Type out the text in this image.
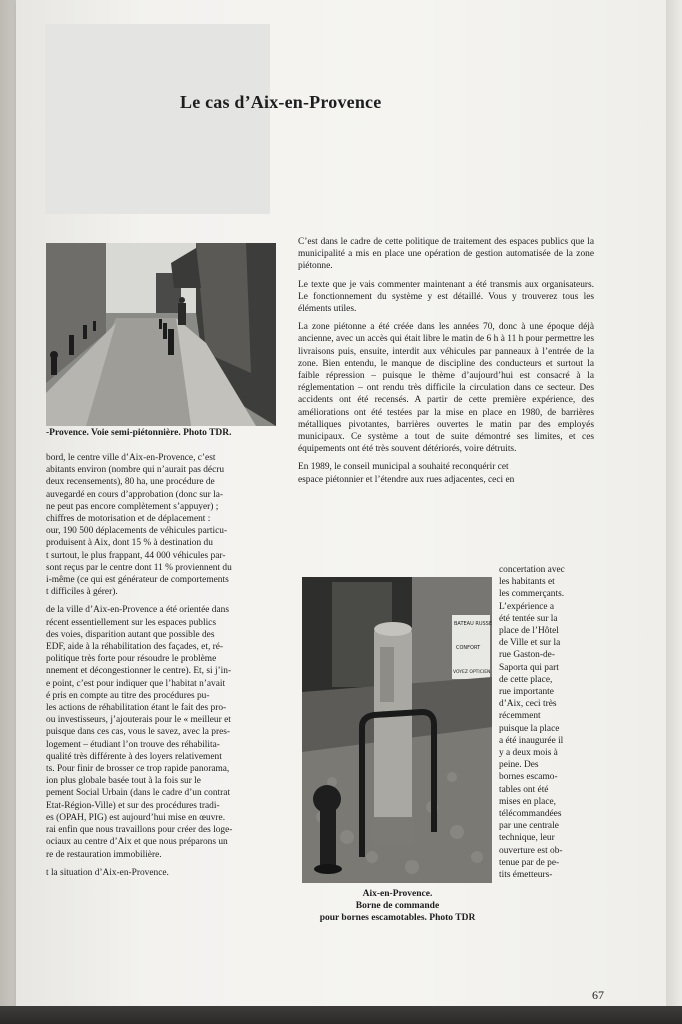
Le cas d’Aix-en-Provence
-Provence. Voie semi-piétonnière. Photo TDR.
bord, le centre ville d’Aix-en-Provence, c’est
abitants environ (nombre qui n’aurait pas décru
deux recensements), 80 ha, une procédure de
auvegardé en cours d’approbation (donc sur la-
ne peut pas encore complètement s’appuyer) ;
chiffres de motorisation et de déplacement :
our, 190 500 déplacements de véhicules particu-
produisent à Aix, dont 15 % à destination du
t surtout, le plus frappant, 44 000 véhicules par-
sont reçus par le centre dont 11 % proviennent du
i-même (ce qui est générateur de comportements
t difficiles à gérer).

de la ville d’Aix-en-Provence a été orientée dans
récent essentiellement sur les espaces publics
des voies, disparition autant que possible des
EDF, aide à la réhabilitation des façades, et, ré-
politique très forte pour résoudre le problème
nnement et décongestionner le centre). Et, si j’in-
e point, c’est pour indiquer que l’habitat n’avait
é pris en compte au titre des procédures pu-
les actions de réhabilitation étant le fait des pro-
ou investisseurs, j’ajouterais pour le « meilleur et
puisque dans ces cas, vous le savez, avec la pres-
logement – étudiant l’on trouve des réhabilita-
qualité très différente à des loyers relativement
ts. Pour finir de brosser ce trop rapide panorama,
ion plus globale basée tout à la fois sur le
pement Social Urbain (dans le cadre d’un contrat
Etat-Région-Ville) et sur des procédures tradi-
es (OPAH, PIG) est aujourd’hui mise en œuvre.
rai enfin que nous travaillons pour créer des loge-
ociaux au centre d’Aix et que nous préparons un
re de restauration immobilière.

t la situation d’Aix-en-Provence.

C’est dans le cadre de cette politique de traitement des espaces publics que la municipalité a mis en place une opération de gestion automatisée de la zone piétonne.

Le texte que je vais commenter maintenant a été transmis aux organisateurs. Le fonctionnement du système y est détaillé. Vous y trouverez tous les éléments utiles.

La zone piétonne a été créée dans les années 70, donc à une époque déjà ancienne, avec un accès qui était libre le matin de 6 h à 11 h pour permettre les livraisons puis, ensuite, interdit aux véhicules par panneaux à l’entrée de la zone. Bien entendu, le manque de discipline des conducteurs et surtout la faible répression – puisque le thème d’aujourd’hui est consacré à la réglementation – ont rendu très difficile la circulation dans ce secteur. Des accidents ont été recensés. A partir de cette première expérience, des améliorations ont été testées par la mise en place en 1980, de barrières métalliques pivotantes, barrières ouvertes le matin par des employés municipaux. Ce système a tout de suite démontré ses limites, et ces équipements ont été très souvent détériorés, voire détruits.

En 1989, le conseil municipal a souhaité reconquérir cet
espace piétonnier et l’étendre aux rues adjacentes, ceci en
BATEAU RUSSE
CONFORT
VOYEZ OPTICIEN
Aix-en-Provence.
Borne de commande
pour bornes escamotables. Photo TDR
concertation avec
les habitants et
les commerçants.
L’expérience a
été tentée sur la
place de l’Hôtel
de Ville et sur la
rue Gaston-de-
Saporta qui part
de cette place,
rue importante
d’Aix, ceci très
récemment
puisque la place
a été inaugurée il
y a deux mois à
peine. Des
bornes escamo-
tables ont été
mises en place,
télécommandées
par une centrale
technique, leur
ouverture est ob-
tenue par de pe-
tits émetteurs-
67
